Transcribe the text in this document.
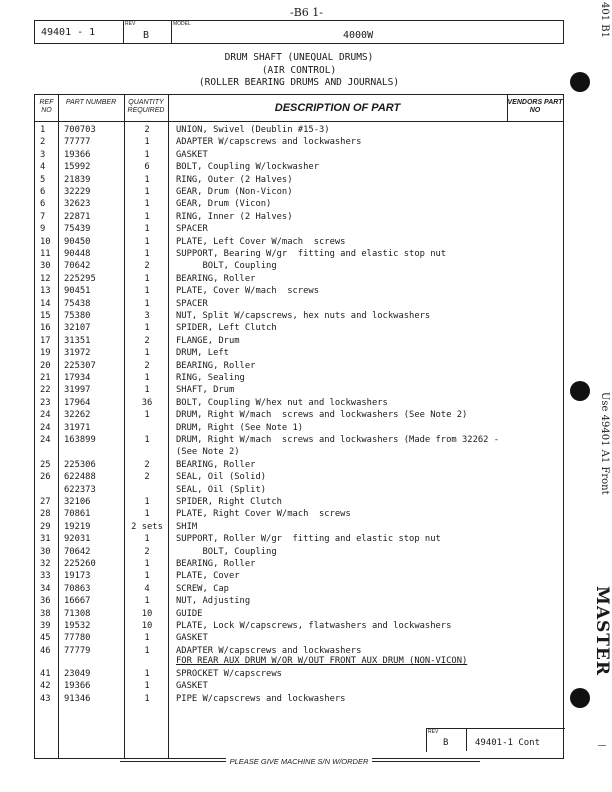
-B6 1-	401 B1
Use 49401 A1 Front
MASTER
49401 - 1
REV
B
MODEL
4000W
DRUM SHAFT (UNEQUAL DRUMS)
(AIR CONTROL)
(ROLLER BEARING DRUMS AND JOURNALS)
REF NO
PART NUMBER	QUANTITY REQUIRED	DESCRIPTION OF PART	VENDORS PART NO
1 700703	2	UNION, Swivel (Deublin #15-3)
2 77777	1	ADAPTER W/capscrews and lockwashers
3 19366	1	GASKET
4 15992	6	BOLT, Coupling W/lockwasher
5 21839	1	RING, Outer (2 Halves)
6 32229	1	GEAR, Drum (Non-Vicon)
6 32623	1	GEAR, Drum (Vicon)
7 22871	1	RING, Inner (2 Halves)
9 75439	1	SPACER
10 90450	1	PLATE, Left Cover W/mach  screws
11 90448	1	SUPPORT, Bearing W/gr  fitting and elastic stop nut
30 70642	2	BOLT, Coupling
12 225295	1	BEARING, Roller
13 90451	1	PLATE, Cover W/mach  screws
14 75438	1	SPACER
15 75380	3	NUT, Split W/capscrews, hex nuts and lockwashers
16 32107	1	SPIDER, Left Clutch
17 31351	2	FLANGE, Drum
19 31972	1	DRUM, Left
20 225307	2	BEARING, Roller
21 17934	1	RING, Sealing
22 31997	1	SHAFT, Drum
23 17964	36	BOLT, Coupling W/hex nut and lockwashers
24 32262	1	DRUM, Right W/mach  screws and lockwashers (See Note 2)
24 31971	DRUM, Right (See Note 1)
24 163899	1	DRUM, Right W/mach  screws and lockwashers (Made from 32262 -
(See Note 2)
25 225306	2	BEARING, Roller
26 622488	2	SEAL, Oil (Solid)
622373	SEAL, Oil (Split)
27 32106	1	SPIDER, Right Clutch
28 70861	1	PLATE, Right Cover W/mach  screws
29 19219	2 sets	SHIM
31 92031	1	SUPPORT, Roller W/gr  fitting and elastic stop nut
30 70642	2	BOLT, Coupling
32 225260	1	BEARING, Roller
33 19173	1	PLATE, Cover
34 70863	4	SCREW, Cap
36 16667	1	NUT, Adjusting
38 71308	10	GUIDE
39 19532	10	PLATE, Lock W/capscrews, flatwashers and lockwashers
45 77780	1	GASKET
46 77779	1	ADAPTER W/capscrews and lockwashers
FOR REAR AUX DRUM W/OR W/OUT FRONT AUX DRUM (NON-VICON)
41 23049	1	SPROCKET W/capscrews
42 19366	1	GASKET
43 91346	1	PIPE W/capscrews and lockwashers
REV
B	49401-1 Cont
PLEASE GIVE MACHINE S/N W/ORDER
